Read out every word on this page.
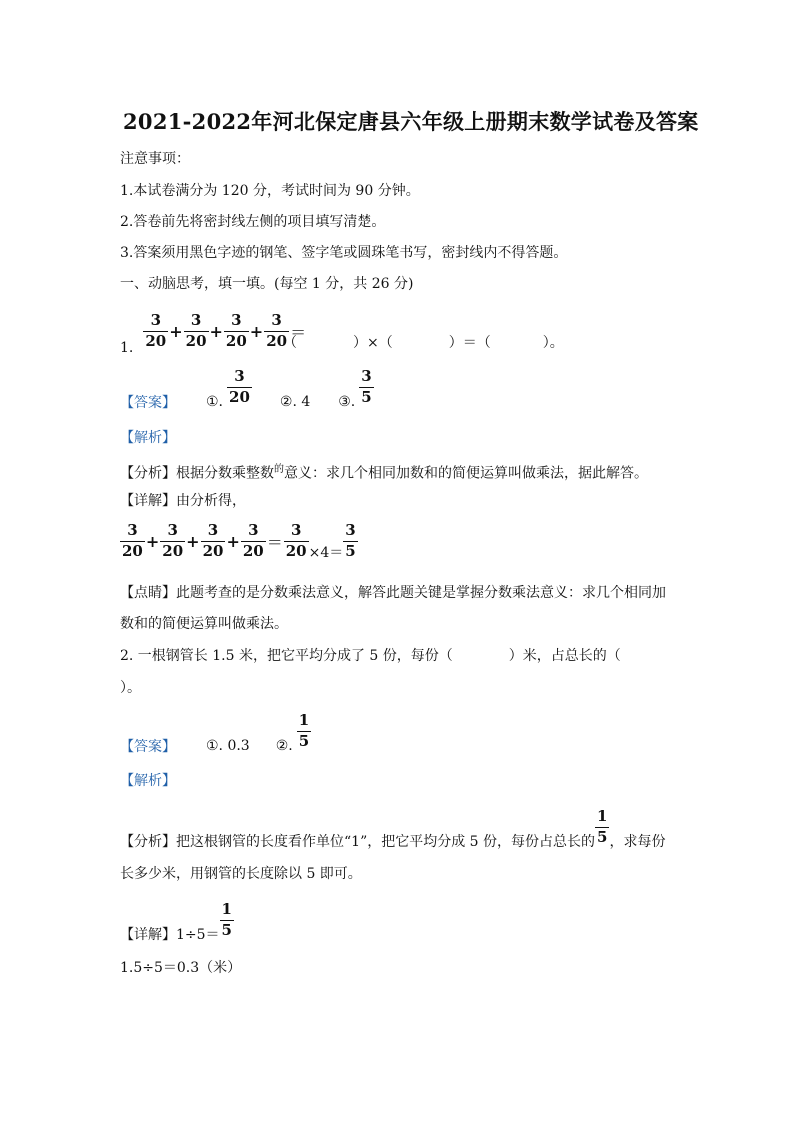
2021-2022年河北保定唐县六年级上册期末数学试卷及答案
注意事项：
1.本试卷满分为 120 分，考试时间为 90 分钟。
2.答卷前先将密封线左侧的项目填写清楚。
3.答案须用黑色字迹的钢笔、签字笔或圆珠笔书写，密封线内不得答题。
一、动脑思考，填一填。(每空 1 分，共 26 分)
1. $\frac{3}{20} + \frac{3}{20} + \frac{3}{20} + \frac{3}{20}$ ＝
（	）×（	）＝（	）。
【答案】 ①. $\frac{3}{20}$ ②. 4 ③. $\frac{3}{5}$
【解析】
【分析】根据分数乘整数$^的$意义：求几个相同加数和的简便运算叫做乘法，据此解答。
【详解】由分析得，
$\frac{3}{20} + \frac{3}{20} + \frac{3}{20} + \frac{3}{20} = \frac{3}{20} \times 4= \frac{3}{5}$
【点睛】此题考查的是分数乘法意义，解答此题关键是掌握分数乘法意义：求几个相同加
数和的简便运算叫做乘法。
2. 一根钢管长 1.5 米，把它平均分成了 5 份，每份（　　　　）米，占总长的（
）。
【答案】 ①. 0.3 ②. $\frac{1}{5}$
【解析】
【分析】 把这根钢管的长度看作单位“1”，把它平均分成 5 份，每份占总长的 $\frac{1}{5}$ ，求每份
长多少米，用钢管的长度除以 5 即可。
【详解】 $1\div 5= \frac{1}{5}$
1.5÷5＝0.3（米）
